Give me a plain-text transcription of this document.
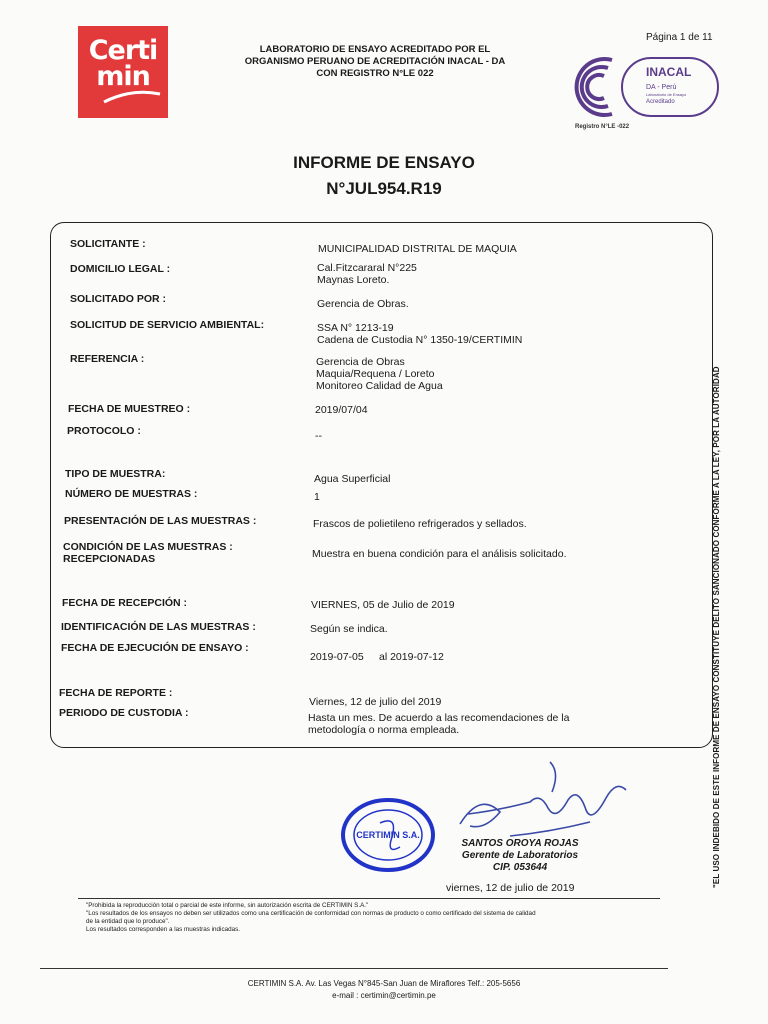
Certi
min
LABORATORIO DE ENSAYO ACREDITADO POR EL
ORGANISMO PERUANO DE ACREDITACIÓN INACAL - DA
CON REGISTRO N°LE 022
Página 1 de 11
INACAL
DA - Perú
Laboratorio de Ensayo
Acreditado
Registro N°LE -022
INFORME DE ENSAYO
N°JUL954.R19
SOLICITANTE :
DOMICILIO LEGAL :
SOLICITADO POR :
SOLICITUD DE SERVICIO AMBIENTAL:
REFERENCIA :
FECHA DE MUESTREO :
PROTOCOLO :
TIPO DE MUESTRA:
NÚMERO DE MUESTRAS :
PRESENTACIÓN DE LAS MUESTRAS :
CONDICIÓN DE LAS MUESTRAS :
RECEPCIONADAS
FECHA DE RECEPCIÓN :
IDENTIFICACIÓN DE LAS MUESTRAS :
FECHA DE EJECUCIÓN DE ENSAYO :
FECHA DE REPORTE :
PERIODO DE CUSTODIA :
MUNICIPALIDAD DISTRITAL DE MAQUIA
Cal.Fitzcararal N°225
Maynas Loreto.
Gerencia de Obras.
SSA N° 1213-19
Cadena de Custodia N° 1350-19/CERTIMIN
Gerencia de Obras
Maquia/Requena / Loreto
Monitoreo Calidad de Agua
2019/07/04
--
Agua Superficial
1
Frascos de polietileno refrigerados y sellados.
Muestra en buena condición para el análisis solicitado.
VIERNES, 05 de Julio de 2019
Según se indica.
2019-07-05 al 2019-07-12
Viernes, 12 de julio del 2019
Hasta un mes. De acuerdo a las recomendaciones de la
metodología o norma empleada.	"EL USO INDEBIDO DE ESTE INFORME DE ENSAYO CONSTITUYE DELITO SANCIONADO CONFORME A LA LEY, POR LA AUTORIDAD
CERTIMIN S.A.
SANTOS OROYA ROJAS
Gerente de Laboratorios
CIP. 053644
viernes, 12 de julio de 2019
"Prohibida la reproducción total o parcial de este informe, sin autorización escrita de CERTIMIN S.A."
"Los resultados de los ensayos no deben ser utilizados como una certificación de conformidad con normas de producto o como certificado del sistema de calidad
de la entidad que lo produce".
Los resultados corresponden a las muestras indicadas.
CERTIMIN S.A. Av. Las Vegas N°845-San Juan de Miraflores Telf.: 205-5656
e-mail : certimin@certimin.pe
